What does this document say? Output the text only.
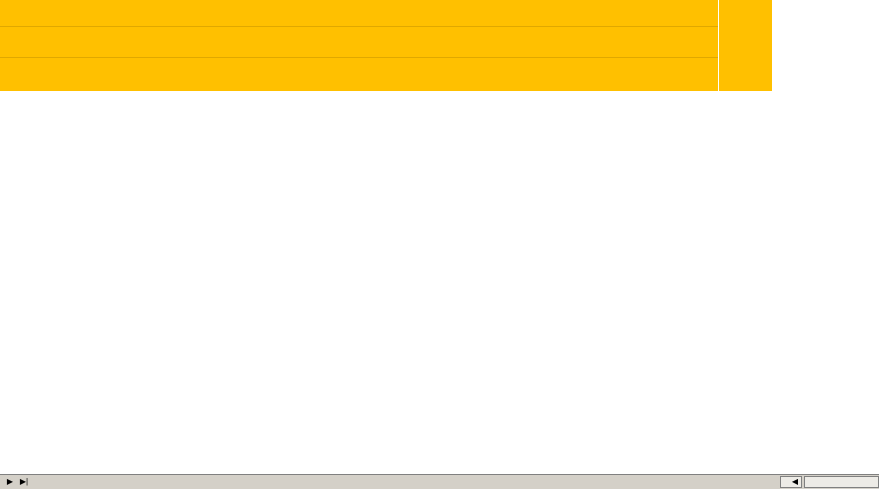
▶ ▶|	◀
